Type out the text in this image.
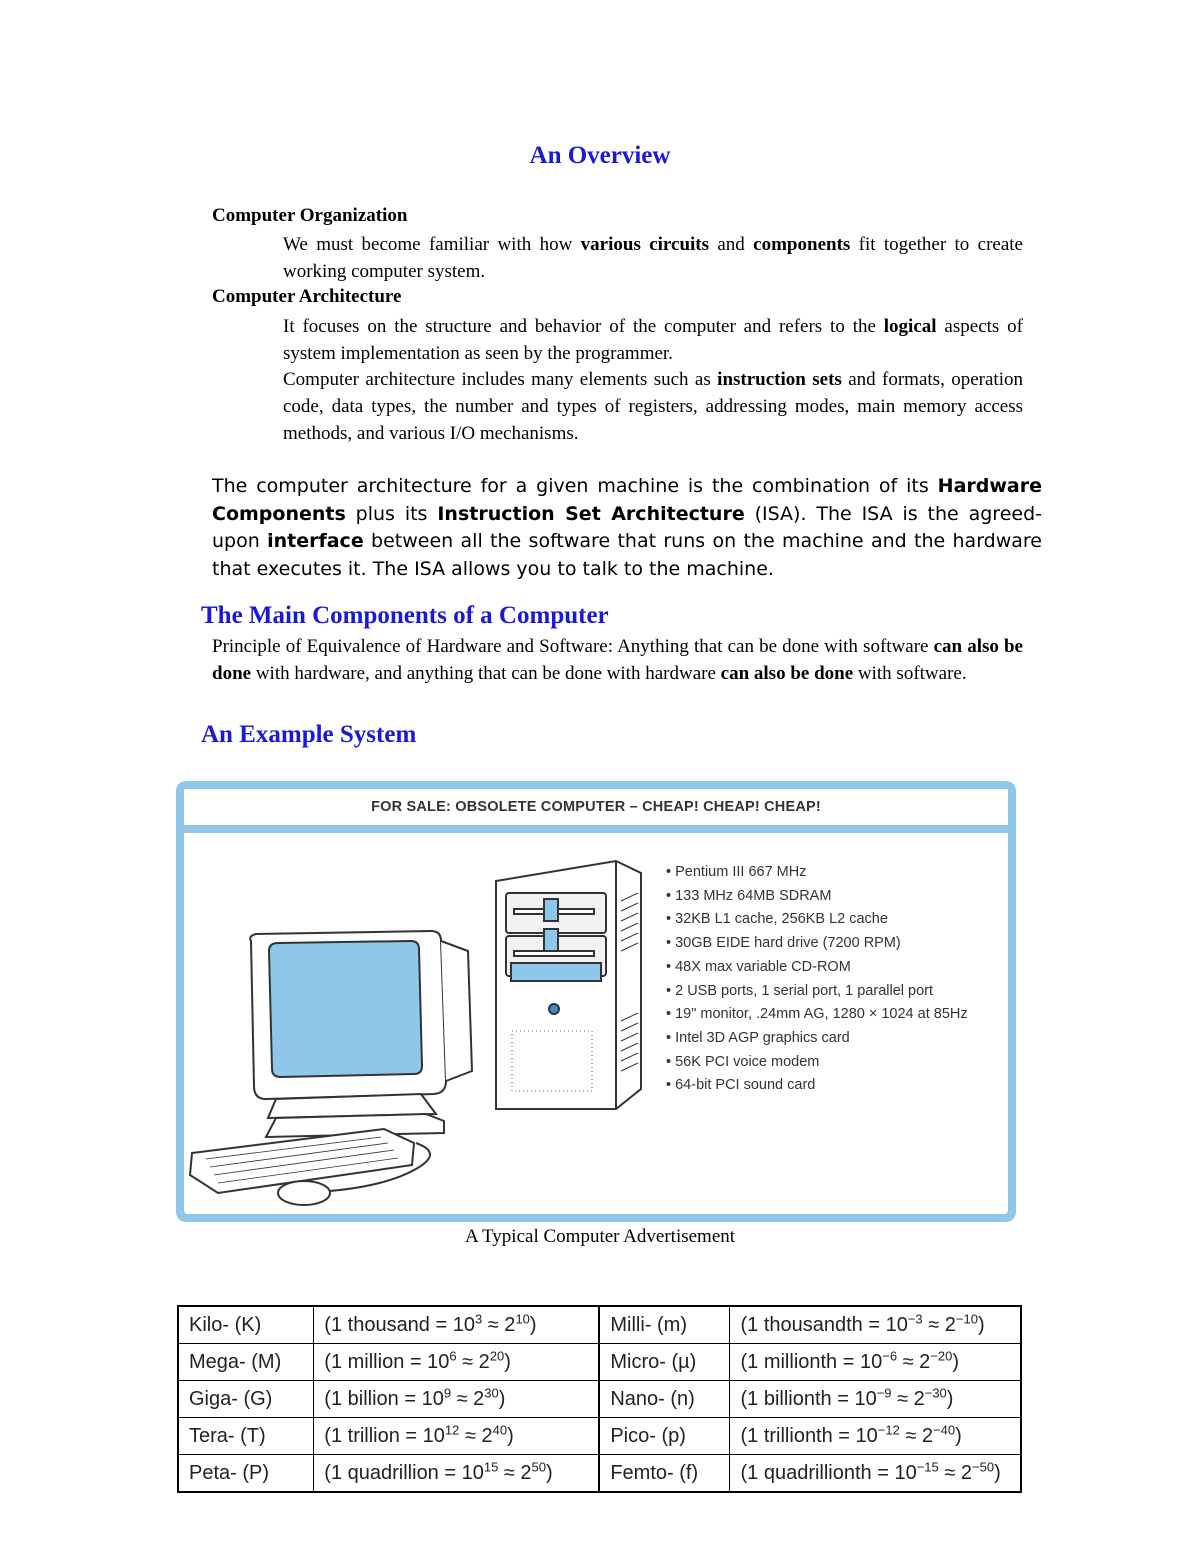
An Overview
Computer Organization
We must become familiar with how various circuits and components fit together to create working computer system.
Computer Architecture
It focuses on the structure and behavior of the computer and refers to the logical aspects of system implementation as seen by the programmer.
Computer architecture includes many elements such as instruction sets and formats, operation code, data types, the number and types of registers, addressing modes, main memory access methods, and various I/O mechanisms.
The computer architecture for a given machine is the combination of its Hardware Components plus its Instruction Set Architecture (ISA). The ISA is the agreed-upon interface between all the software that runs on the machine and the hardware that executes it. The ISA allows you to talk to the machine.
The Main Components of a Computer
Principle of Equivalence of Hardware and Software: Anything that can be done with software can also be done with hardware, and anything that can be done with hardware can also be done with software.
An Example System
FOR SALE: OBSOLETE COMPUTER – CHEAP! CHEAP! CHEAP!
• Pentium III 667 MHz
• 133 MHz 64MB SDRAM
• 32KB L1 cache, 256KB L2 cache
• 30GB EIDE hard drive (7200 RPM)
• 48X max variable CD-ROM
• 2 USB ports, 1 serial port, 1 parallel port
• 19" monitor, .24mm AG, 1280 × 1024 at 85Hz
• Intel 3D AGP graphics card
• 56K PCI voice modem
• 64-bit PCI sound card
A Typical Computer Advertisement
Kilo- (K)	(1 thousand = $10^3 \approx 2^{10}$)	Milli- (m)	(1 thousandth = $10^{-3} \approx 2^{-10}$)
Mega- (M)	(1 million = $10^6 \approx 2^{20}$)	Micro- (µ)	(1 millionth = $10^{-6} \approx 2^{-20}$)
Giga- (G)	(1 billion = $10^9 \approx 2^{30}$)	Nano- (n)	(1 billionth = $10^{-9} \approx 2^{-30}$)
Tera- (T)	(1 trillion = $10^{12} \approx 2^{40}$)	Pico- (p)	(1 trillionth = $10^{-12} \approx 2^{-40}$)
Peta- (P)	(1 quadrillion = $10^{15} \approx 2^{50}$)	Femto- (f)	(1 quadrillionth = $10^{-15} \approx 2^{-50}$)
